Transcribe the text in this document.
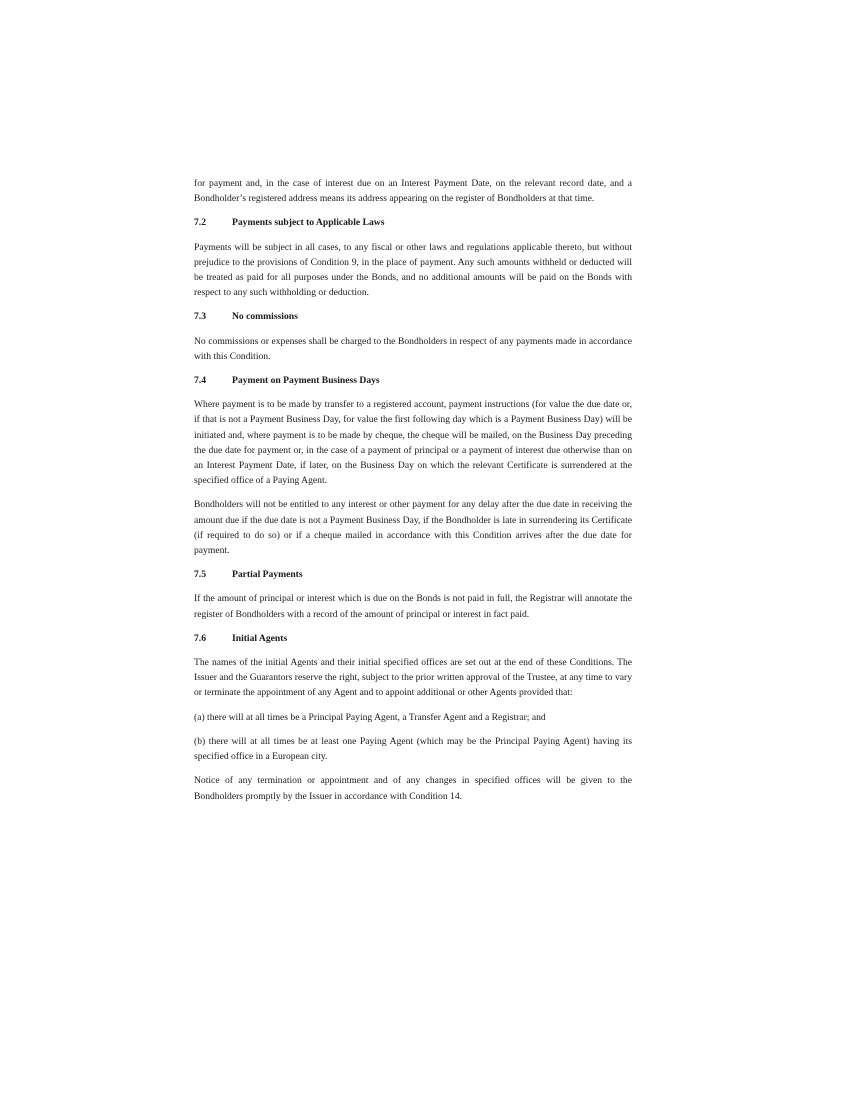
for payment and, in the case of interest due on an Interest Payment Date, on the relevant record date, and a Bondholder’s registered address means its address appearing on the register of Bondholders at that time.

7.2	Payments subject to Applicable Laws

Payments will be subject in all cases, to any fiscal or other laws and regulations applicable thereto, but without prejudice to the provisions of Condition 9, in the place of payment. Any such amounts withheld or deducted will be treated as paid for all purposes under the Bonds, and no additional amounts will be paid on the Bonds with respect to any such withholding or deduction.

7.3	No commissions

No commissions or expenses shall be charged to the Bondholders in respect of any payments made in accordance with this Condition.

7.4	Payment on Payment Business Days

Where payment is to be made by transfer to a registered account, payment instructions (for value the due date or, if that is not a Payment Business Day, for value the first following day which is a Payment Business Day) will be initiated and, where payment is to be made by cheque, the cheque will be mailed, on the Business Day preceding the due date for payment or, in the case of a payment of principal or a payment of interest due otherwise than on an Interest Payment Date, if later, on the Business Day on which the relevant Certificate is surrendered at the specified office of a Paying Agent.

Bondholders will not be entitled to any interest or other payment for any delay after the due date in receiving the amount due if the due date is not a Payment Business Day, if the Bondholder is late in surrendering its Certificate (if required to do so) or if a cheque mailed in accordance with this Condition arrives after the due date for payment.

7.5	Partial Payments

If the amount of principal or interest which is due on the Bonds is not paid in full, the Registrar will annotate the register of Bondholders with a record of the amount of principal or interest in fact paid.

7.6	Initial Agents

The names of the initial Agents and their initial specified offices are set out at the end of these Conditions. The Issuer and the Guarantors reserve the right, subject to the prior written approval of the Trustee, at any time to vary or terminate the appointment of any Agent and to appoint additional or other Agents provided that:

(a) there will at all times be a Principal Paying Agent, a Transfer Agent and a Registrar; and

(b) there will at all times be at least one Paying Agent (which may be the Principal Paying Agent) having its specified office in a European city.

Notice of any termination or appointment and of any changes in specified offices will be given to the Bondholders promptly by the Issuer in accordance with Condition 14.
